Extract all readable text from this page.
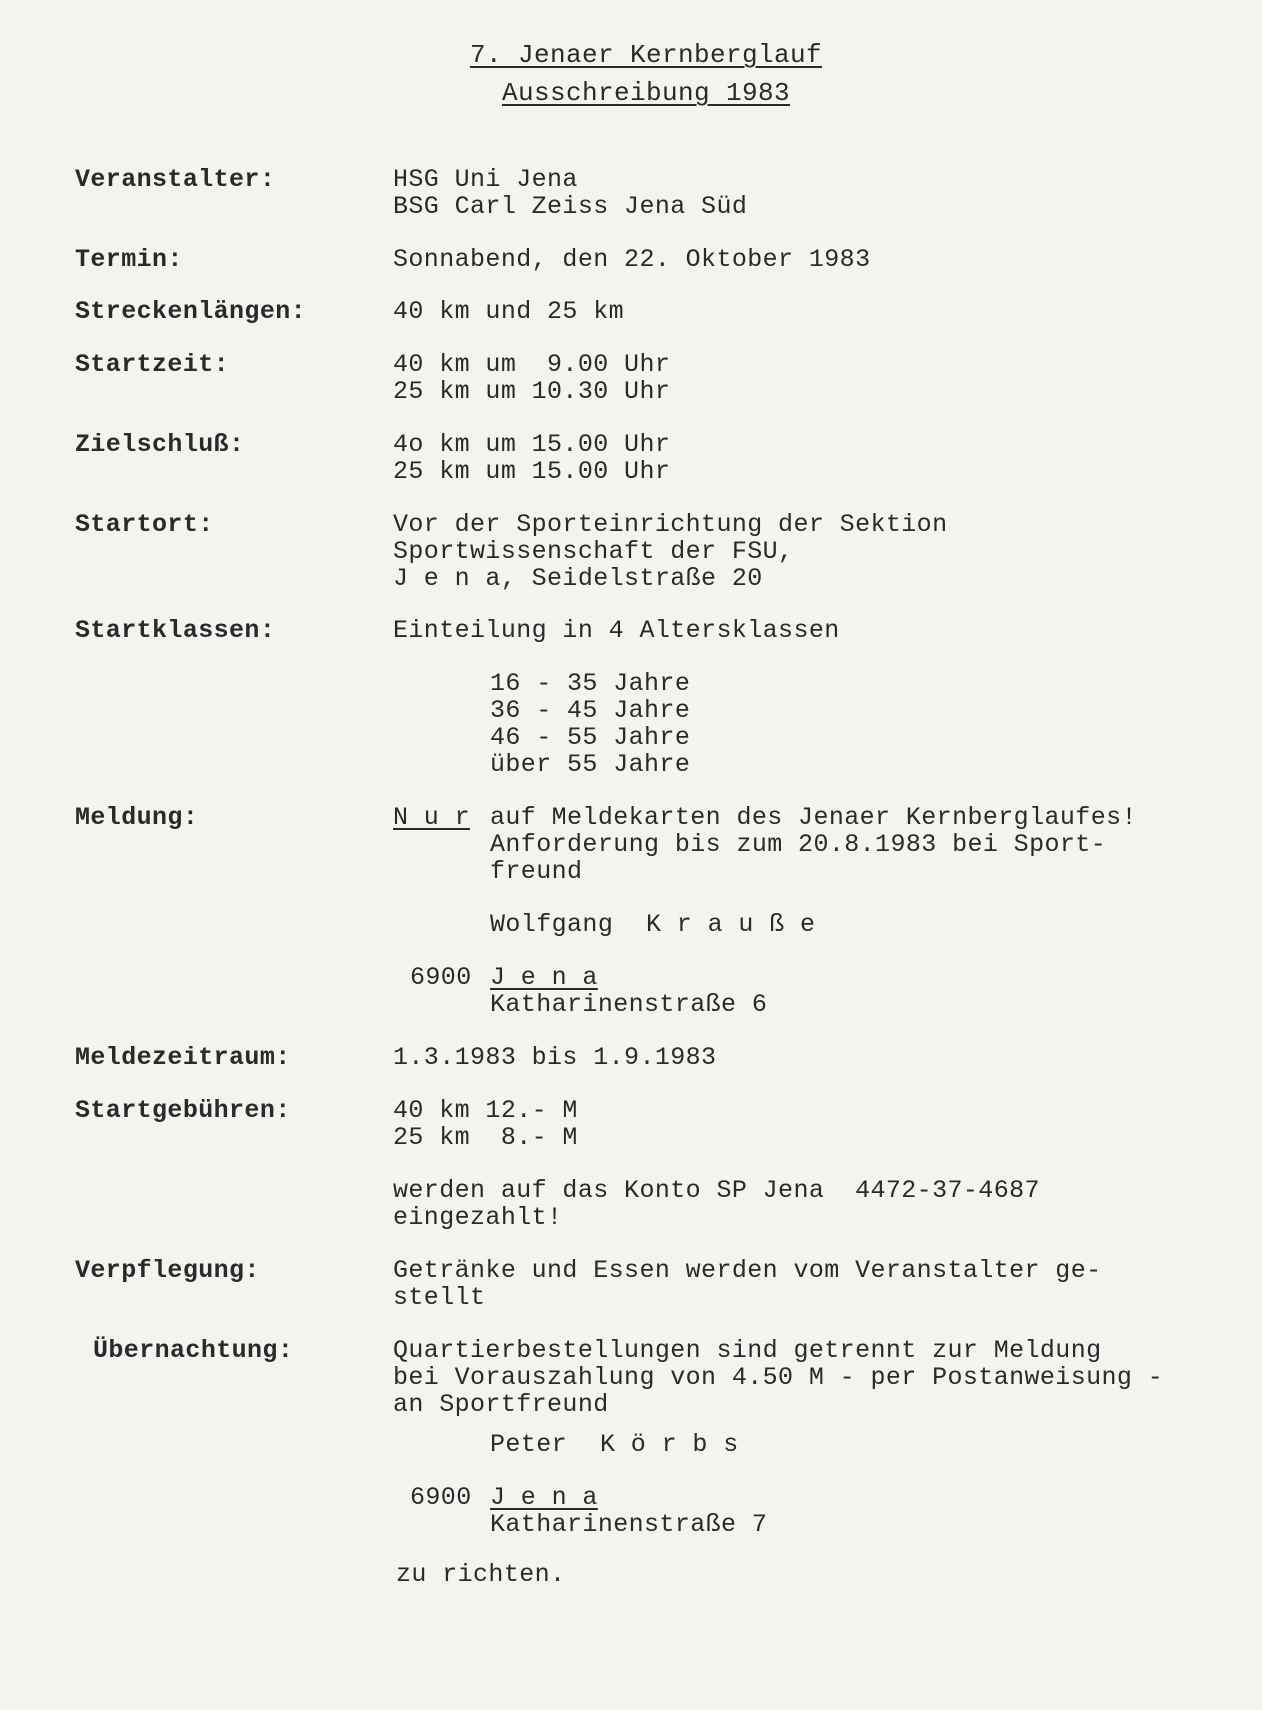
7. Jenaer Kernberglauf
Ausschreibung 1983
Veranstalter:	HSG Uni Jena
BSG Carl Zeiss Jena Süd
Termin:	Sonnabend, den 22. Oktober 1983
Streckenlängen:	40 km und 25 km
Startzeit:	40 km um  9.00 Uhr
25 km um 10.30 Uhr
Zielschluß:	4o km um 15.00 Uhr
25 km um 15.00 Uhr
Startort:	Vor der Sporteinrichtung der Sektion
Sportwissenschaft der FSU,
J e n a, Seidelstraße 20
Startklassen:	Einteilung in 4 Altersklassen
16 - 35 Jahre
36 - 45 Jahre
46 - 55 Jahre
über 55 Jahre
Meldung:	N u r auf Meldekarten des Jenaer Kernberglaufes!
Anforderung bis zum 20.8.1983 bei Sport-
freund
Wolfgang K r a u ß e
6900 J e n a
Katharinenstraße 6
Meldezeitraum:	1.3.1983 bis 1.9.1983
Startgebühren:	40 km 12.- M
25 km  8.- M
werden auf das Konto SP Jena  4472-37-4687
eingezahlt!
Verpflegung:	Getränke und Essen werden vom Veranstalter ge-
stellt
Übernachtung:	Quartierbestellungen sind getrennt zur Meldung
bei Vorauszahlung von 4.50 M - per Postanweisung -
an Sportfreund
Peter K ö r b s
6900 J e n a
Katharinenstraße 7
zu richten.
